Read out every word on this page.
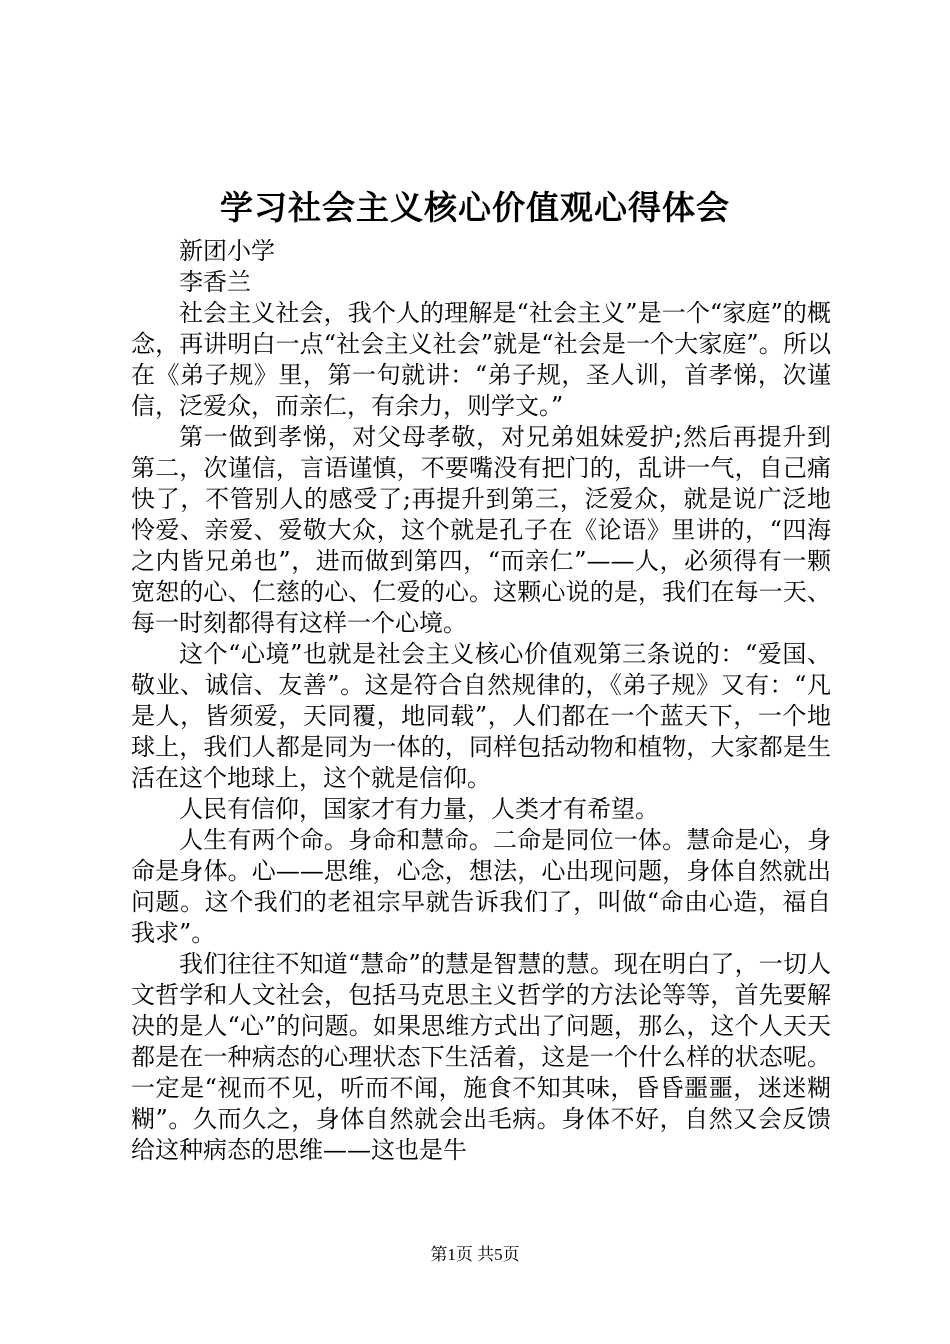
学习社会主义核心价值观心得体会

新团小学

李香兰

社会主义社会，我个人的理解是“社会主义”是一个“家庭”的概念，再讲明白一点“社会主义社会”就是“社会是一个大家庭”。所以在《弟子规》里，第一句就讲：“弟子规，圣人训，首孝悌，次谨信，泛爱众，而亲仁，有余力，则学文。”

第一做到孝悌，对父母孝敬，对兄弟姐妹爱护;然后再提升到第二，次谨信，言语谨慎，不要嘴没有把门的，乱讲一气，自己痛快了，不管别人的感受了;再提升到第三，泛爱众，就是说广泛地怜爱、亲爱、爱敬大众，这个就是孔子在《论语》里讲的，“四海之内皆兄弟也”，进而做到第四，“而亲仁”——人，必须得有一颗宽恕的心、仁慈的心、仁爱的心。这颗心说的是，我们在每一天、每一时刻都得有这样一个心境。

这个“心境”也就是社会主义核心价值观第三条说的：“爱国、敬业、诚信、友善”。这是符合自然规律的，《弟子规》又有：“凡是人，皆须爱，天同覆，地同载”，人们都在一个蓝天下，一个地球上，我们人都是同为一体的，同样包括动物和植物，大家都是生活在这个地球上，这个就是信仰。

人民有信仰，国家才有力量，人类才有希望。

人生有两个命。身命和慧命。二命是同位一体。慧命是心，身命是身体。心——思维，心念，想法，心出现问题，身体自然就出问题。这个我们的老祖宗早就告诉我们了，叫做“命由心造，福自我求”。

我们往往不知道“慧命”的慧是智慧的慧。现在明白了，一切人文哲学和人文社会，包括马克思主义哲学的方法论等等，首先要解决的是人“心”的问题。如果思维方式出了问题，那么，这个人天天都是在一种病态的心理状态下生活着，这是一个什么样的状态呢。一定是“视而不见，听而不闻，施食不知其味，昏昏噩噩，迷迷糊糊”。久而久之，身体自然就会出毛病。身体不好，自然又会反馈给这种病态的思维——这也是牛

第1页 共5页
